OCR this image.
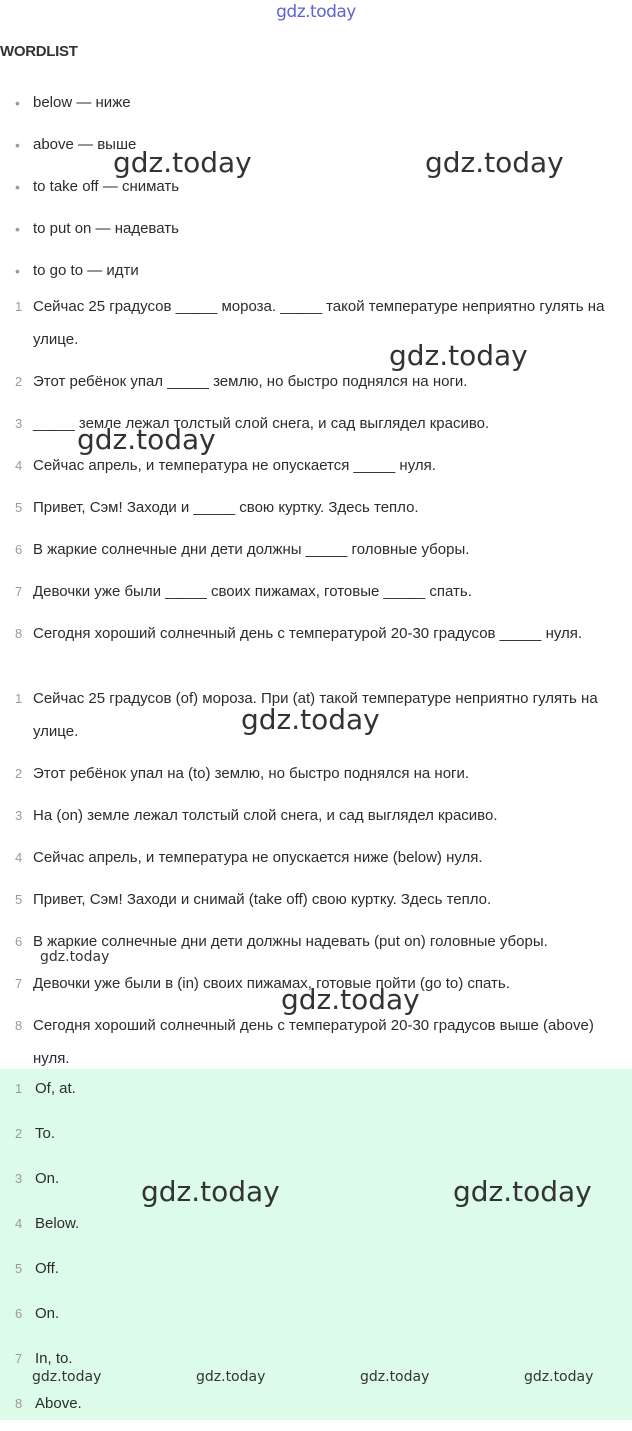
gdz.today
WORDLIST
• below — ниже
• above — выше
• to take off — снимать
• to put on — надевать
• to go to — идти
1 Сейчас 25 градусов _____ мороза. _____ такой температуре неприятно гулять на улице.
2 Этот ребёнок упал _____ землю, но быстро поднялся на ноги.
3 _____ земле лежал толстый слой снега, и сад выглядел красиво.
4 Сейчас апрель, и температура не опускается _____ нуля.
5 Привет, Сэм! Заходи и _____ свою куртку. Здесь тепло.
6 В жаркие солнечные дни дети должны _____ головные уборы.
7 Девочки уже были _____ своих пижамах, готовые _____ спать.
8 Сегодня хороший солнечный день с температурой 20-30 градусов _____ нуля.
1 Сейчас 25 градусов (of) мороза. При (at) такой температуре неприятно гулять на улице.
2 Этот ребёнок упал на (to) землю, но быстро поднялся на ноги.
3 На (on) земле лежал толстый слой снега, и сад выглядел красиво.
4 Сейчас апрель, и температура не опускается ниже (below) нуля.
5 Привет, Сэм! Заходи и снимай (take off) свою куртку. Здесь тепло.
6 В жаркие солнечные дни дети должны надевать (put on) головные уборы.
7 Девочки уже были в (in) своих пижамах, готовые пойти (go to) спать.
8 Сегодня хороший солнечный день с температурой 20-30 градусов выше (above) нуля.
1 Of, at.
2 To.
3 On.
4 Below.
5 Off.
6 On.
7 In, to.
8 Above.
gdz.today	gdz.today
gdz.today
gdz.today
gdz.today
gdz.today
gdz.today
gdz.today	gdz.today
gdz.today	gdz.today	gdz.today	gdz.today
